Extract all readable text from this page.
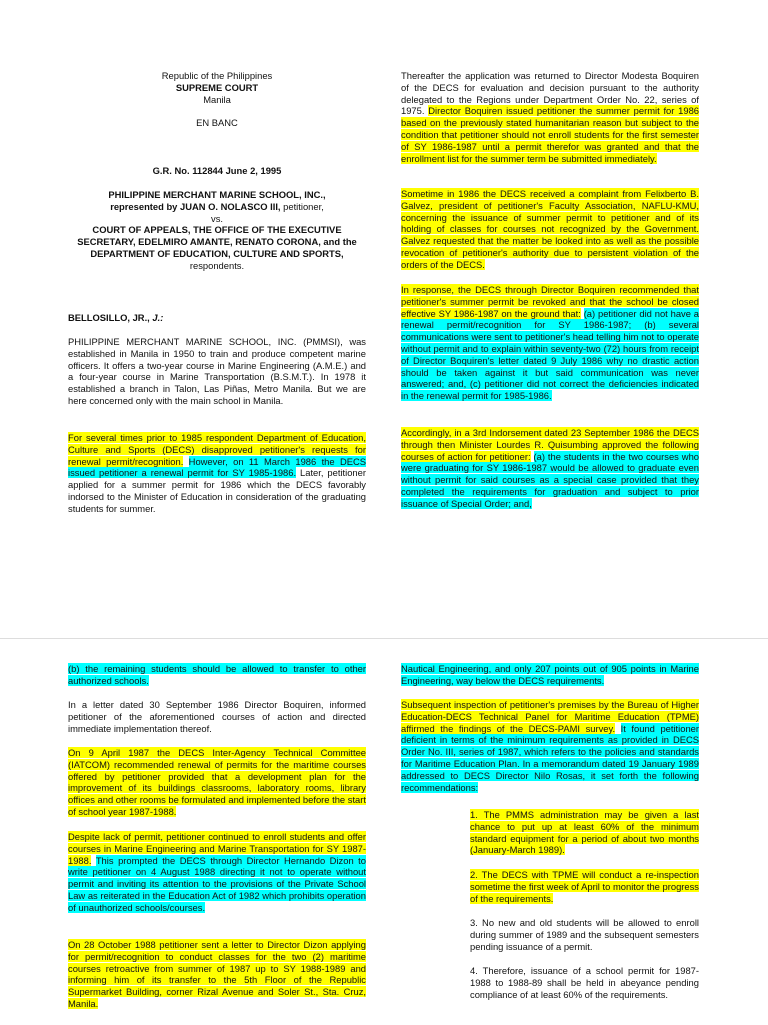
Republic of the Philippines
SUPREME COURT
Manila
EN BANC
G.R. No. 112844 June 2, 1995
PHILIPPINE MERCHANT MARINE SCHOOL, INC.,
represented by JUAN O. NOLASCO III, petitioner,
vs.
COURT OF APPEALS, THE OFFICE OF THE EXECUTIVE SECRETARY, EDELMIRO AMANTE, RENATO CORONA, and the DEPARTMENT OF EDUCATION, CULTURE AND SPORTS, respondents.
BELLOSILLO, JR., J.:

PHILIPPINE MERCHANT MARINE SCHOOL, INC. (PMMSI), was established in Manila in 1950 to train and produce competent marine officers. It offers a two-year course in Marine Engineering (A.M.E.) and a four-year course in Marine Transportation (B.S.M.T.). In 1978 it established a branch in Talon, Las Piñas, Metro Manila. But we are here concerned only with the main school in Manila.

For several times prior to 1985 respondent Department of Education, Culture and Sports (DECS) disapproved petitioner's requests for renewal permit/recognition. However, on 11 March 1986 the DECS issued petitioner a renewal permit for SY 1985-1986. Later, petitioner applied for a summer permit for 1986 which the DECS favorably indorsed to the Minister of Education in consideration of the graduating students for summer.

Thereafter the application was returned to Director Modesta Boquiren of the DECS for evaluation and decision pursuant to the authority delegated to the Regions under Department Order No. 22, series of 1975. Director Boquiren issued petitioner the summer permit for 1986 based on the previously stated humanitarian reason but subject to the condition that petitioner should not enroll students for the first semester of SY 1986-1987 until a permit therefor was granted and that the enrollment list for the summer term be submitted immediately.

Sometime in 1986 the DECS received a complaint from Felixberto B. Galvez, president of petitioner's Faculty Association, NAFLU-KMU, concerning the issuance of summer permit to petitioner and of its holding of classes for courses not recognized by the Government. Galvez requested that the matter be looked into as well as the possible revocation of petitioner's authority due to persistent violation of the orders of the DECS.

In response, the DECS through Director Boquiren recommended that petitioner's summer permit be revoked and that the school be closed effective SY 1986-1987 on the ground that: (a) petitioner did not have a renewal permit/recognition for SY 1986-1987; (b) several communications were sent to petitioner's head telling him not to operate without permit and to explain within seventy-two (72) hours from receipt of Director Boquiren's letter dated 9 July 1986 why no drastic action should be taken against it but said communication was never answered; and, (c) petitioner did not correct the deficiencies indicated in the renewal permit for 1985-1986.

Accordingly, in a 3rd Indorsement dated 23 September 1986 the DECS through then Minister Lourdes R. Quisumbing approved the following courses of action for petitioner: (a) the students in the two courses who were graduating for SY 1986-1987 would be allowed to graduate even without permit for said courses as a special case provided that they completed the requirements for graduation and subject to prior issuance of Special Order; and,

(b) the remaining students should be allowed to transfer to other authorized schools.

In a letter dated 30 September 1986 Director Boquiren, informed petitioner of the aforementioned courses of action and directed immediate implementation thereof.

On 9 April 1987 the DECS Inter-Agency Technical Committee (IATCOM) recommended renewal of permits for the maritime courses offered by petitioner provided that a development plan for the improvement of its buildings classrooms, laboratory rooms, library offices and other rooms be formulated and implemented before the start of school year 1987-1988.

Despite lack of permit, petitioner continued to enroll students and offer courses in Marine Engineering and Marine Transportation for SY 1987-1988. This prompted the DECS through Director Hernando Dizon to write petitioner on 4 August 1988 directing it not to operate without permit and inviting its attention to the provisions of the Private School Law as reiterated in the Education Act of 1982 which prohibits operation of unauthorized schools/courses.

On 28 October 1988 petitioner sent a letter to Director Dizon applying for permit/recognition to conduct classes for the two (2) maritime courses retroactive from summer of 1987 up to SY 1988-1989 and informing him of its transfer to the 5th Floor of the Republic Supermarket Building, corner Rizal Avenue and Soler St., Sta. Cruz, Manila.

Nautical Engineering, and only 207 points out of 905 points in Marine Engineering, way below the DECS requirements.

Subsequent inspection of petitioner's premises by the Bureau of Higher Education-DECS Technical Panel for Maritime Education (TPME) affirmed the findings of the DECS-PAMI survey. It found petitioner deficient in terms of the minimum requirements as provided in DECS Order No. III, series of 1987, which refers to the policies and standards for Maritime Education Plan. In a memorandum dated 19 January 1989 addressed to DECS Director Nilo Rosas, it set forth the following recommendations:

1. The PMMS administration may be given a last chance to put up at least 60% of the minimum standard equipment for a period of about two months (January-March 1989).

2. The DECS with TPME will conduct a re-inspection sometime the first week of April to monitor the progress of the requirements.

3. No new and old students will be allowed to enroll during summer of 1989 and the subsequent semesters pending issuance of a permit.

4. Therefore, issuance of a school permit for 1987-1988 to 1988-89 shall be held in abeyance pending compliance of at least 60% of the requirements.
